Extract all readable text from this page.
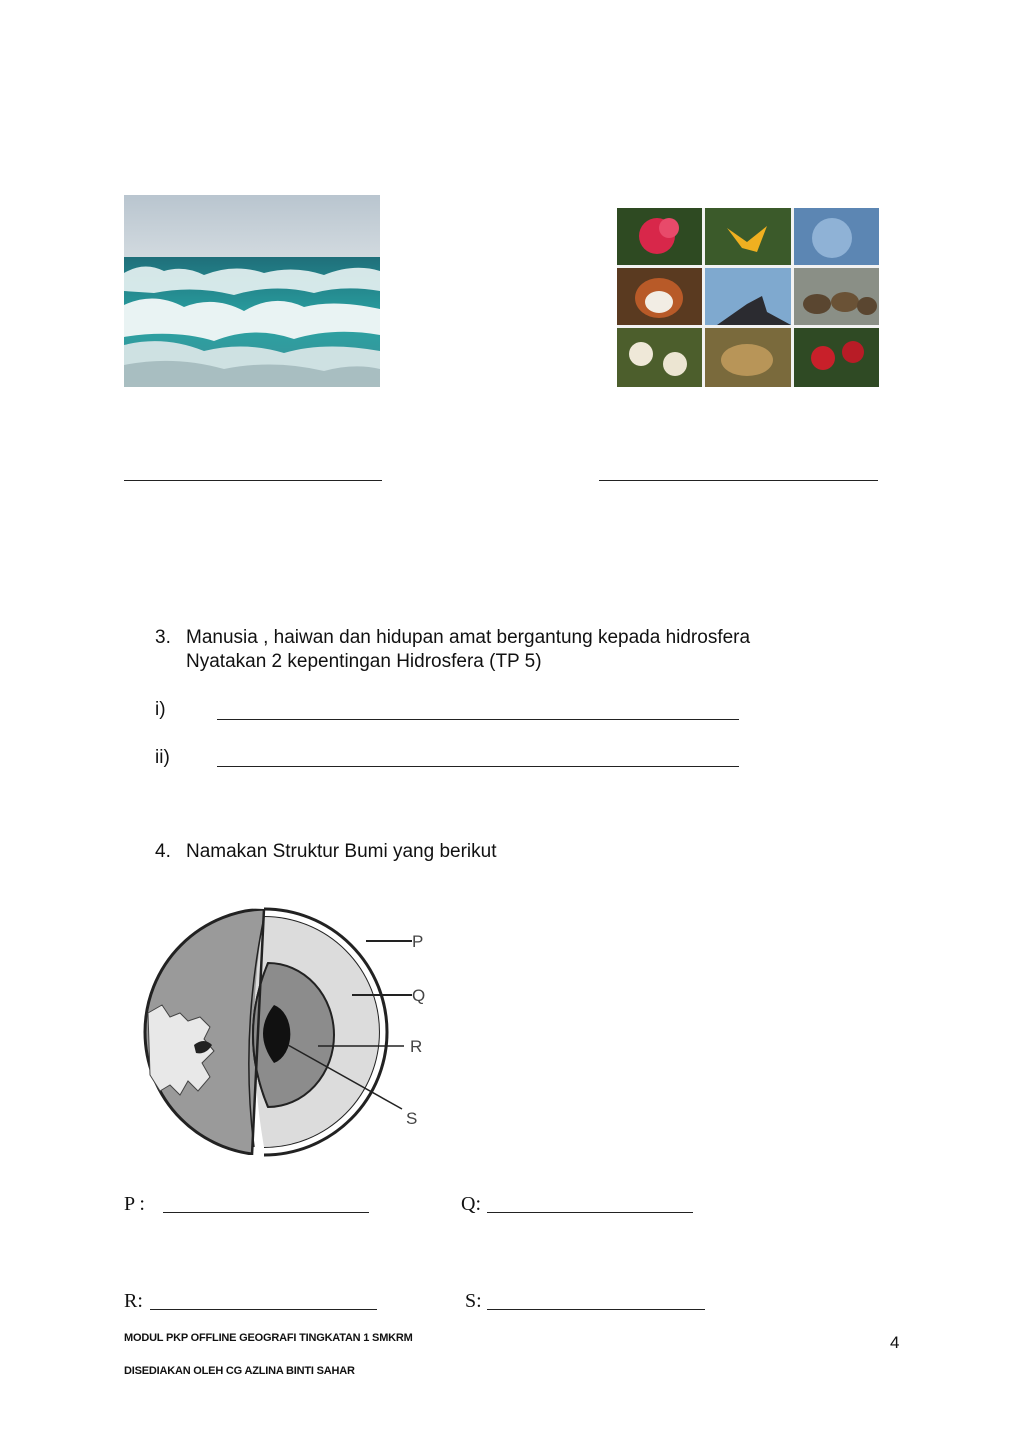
3. Manusia , haiwan dan hidupan amat bergantung kepada hidrosfera
Nyatakan 2 kepentingan Hidrosfera (TP 5)
i)
ii)
4. Namakan Struktur Bumi yang berikut
P
Q
R
S
P :	Q:
R:	S:
MODUL PKP OFFLINE GEOGRAFI TINGKATAN 1 SMKRM	4
DISEDIAKAN OLEH CG AZLINA BINTI SAHAR
